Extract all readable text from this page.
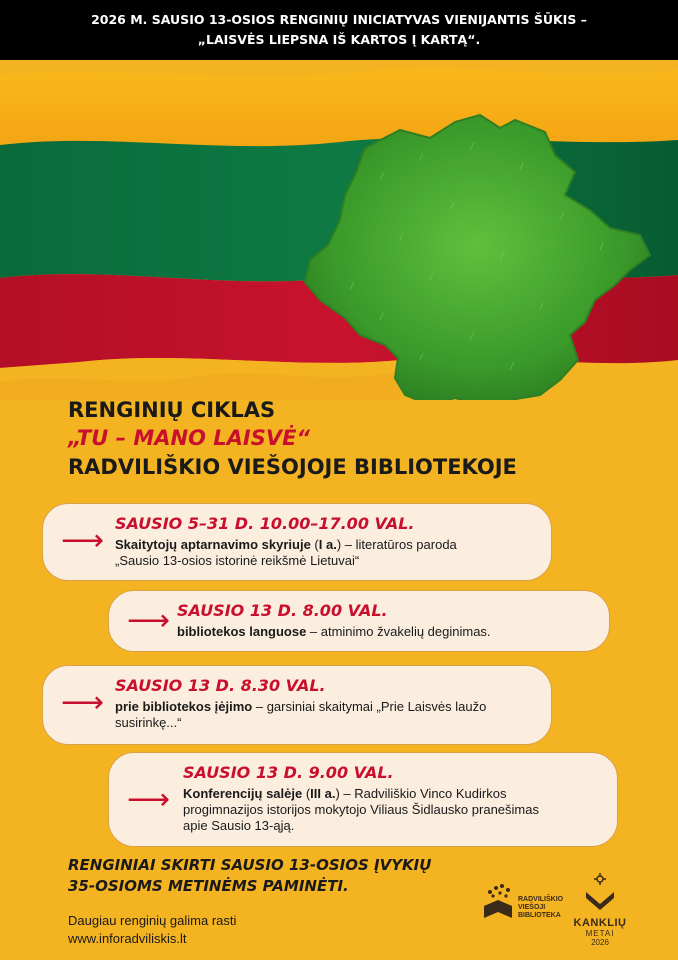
2026 M. SAUSIO 13-OSIOS RENGINIŲ INICIATYVAS VIENIJANTIS ŠŪKIS –
„LAISVĖS LIEPSNA IŠ KARTOS Į KARTĄ“.
RENGINIŲ CIKLAS
„TU – MANO LAISVĖ“
RADVILIŠKIO VIEŠOJOJE BIBLIOTEKOJE
⟶
SAUSIO 5–31 D. 10.00–17.00 VAL.
Skaitytojų aptarnavimo skyriuje (I a.) – literatūros paroda
„Sausio 13-osios istorinė reikšmė Lietuvai“
⟶ SAUSIO 13 D. 8.00 VAL.
bibliotekos languose – atminimo žvakelių deginimas.
⟶
SAUSIO 13 D. 8.30 VAL.
prie bibliotekos įėjimo – garsiniai skaitymai „Prie Laisvės laužo
susirinkę...“
⟶
SAUSIO 13 D. 9.00 VAL.
Konferencijų salėje (III a.) – Radviliškio Vinco Kudirkos
progimnazijos istorijos mokytojo Viliaus Šidlausko pranešimas
apie Sausio 13-ąją.
RENGINIAI SKIRTI SAUSIO 13-OSIOS ĮVYKIŲ
35-OSIOMS METINĖMS PAMINĖTI.
Daugiau renginių galima rasti
www.inforadviliskis.lt
RADVILIŠKIO
VIEŠOJI
BIBLIOTEKA
KANKLIŲ
METAI
2026
